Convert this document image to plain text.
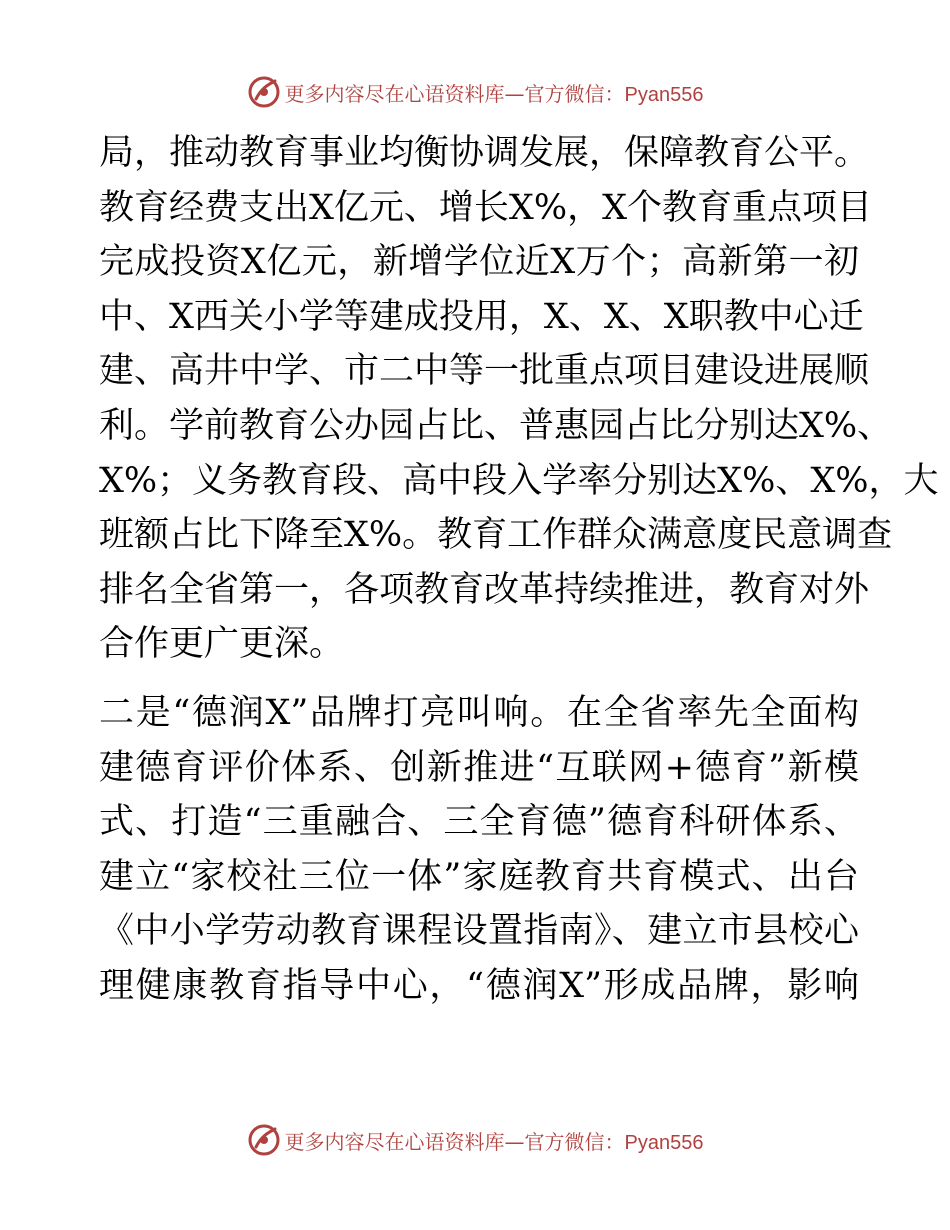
更多内容尽在心语资料库—官方微信：Pyan556
局，推动教育事业均衡协调发展，保障教育公平。
教育经费支出X亿元、增长X%，X个教育重点项目
完成投资X亿元，新增学位近X万个；高新第一初
中、X西关小学等建成投用，X、X、X职教中心迁
建、高井中学、市二中等一批重点项目建设进展顺
利。学前教育公办园占比、普惠园占比分别达X%、
X%；义务教育段、高中段入学率分别达X%、X%，大
班额占比下降至X%。教育工作群众满意度民意调查
排名全省第一，各项教育改革持续推进，教育对外
合作更广更深。
二是“德润X”品牌打亮叫响。在全省率先全面构
建德育评价体系、创新推进“互联网+德育”新模
式、打造“三重融合、三全育德”德育科研体系、
建立“家校社三位一体”家庭教育共育模式、出台
《中小学劳动教育课程设置指南》、建立市县校心
理健康教育指导中心，“德润X”形成品牌，影响
更多内容尽在心语资料库—官方微信：Pyan556
